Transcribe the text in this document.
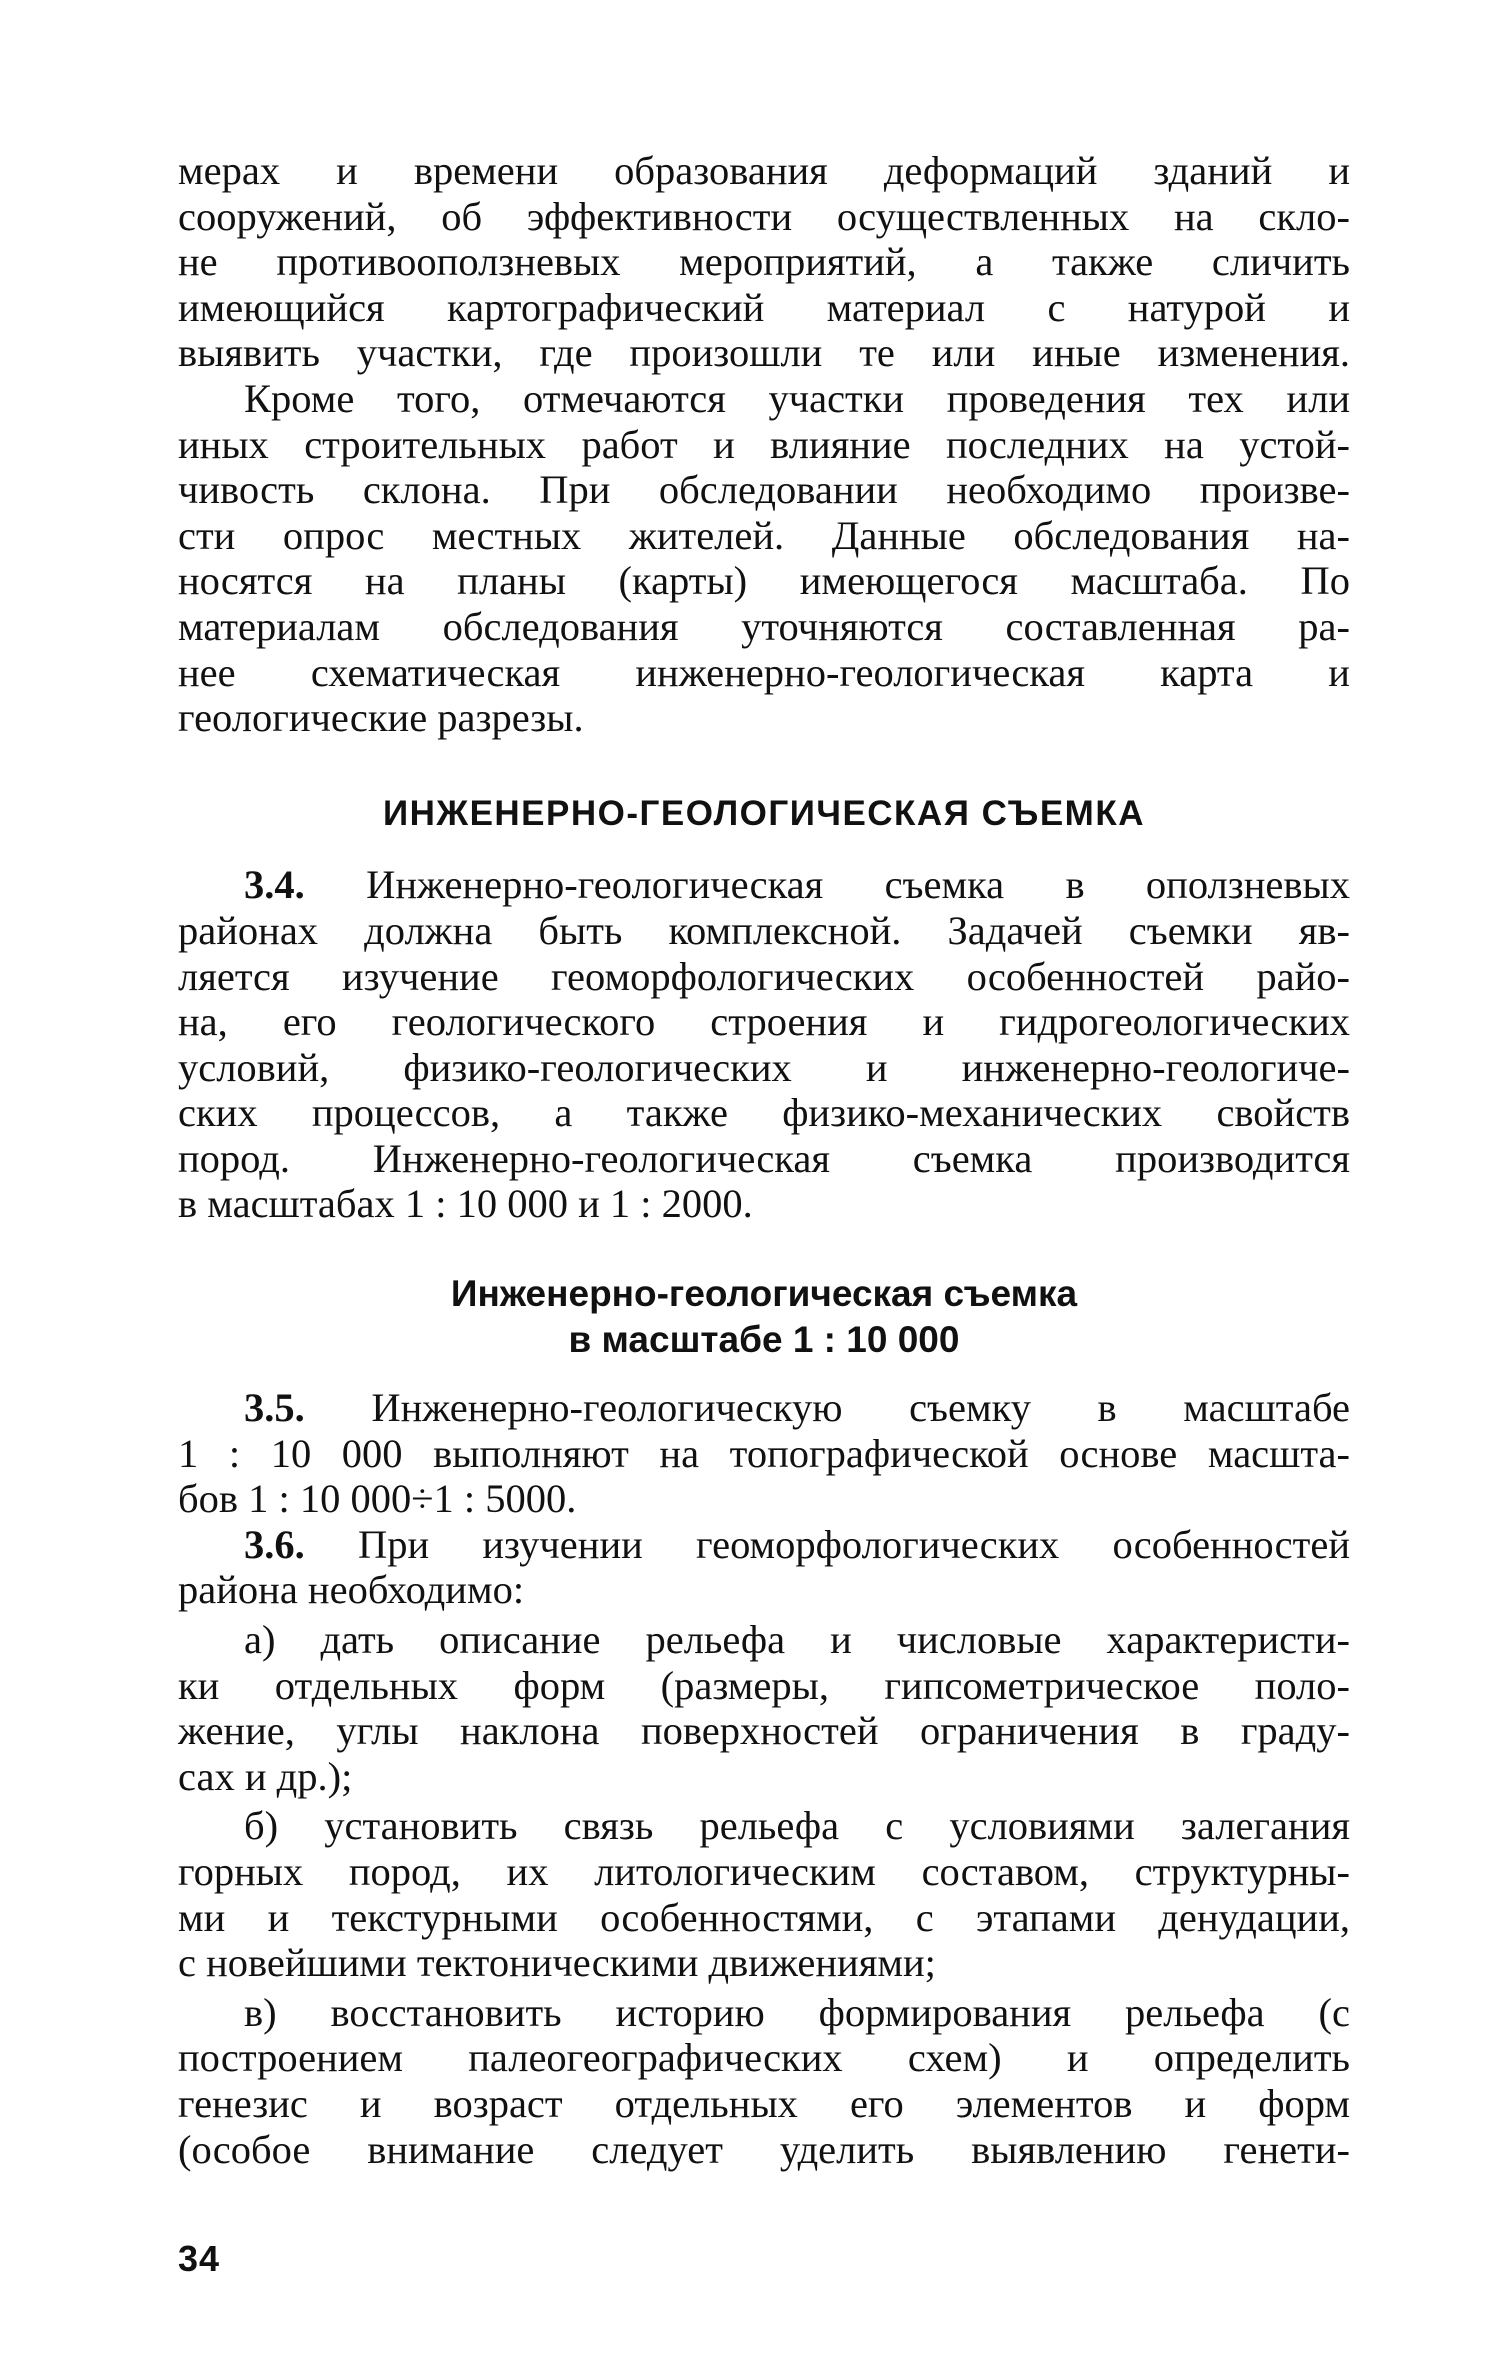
мерах и времени образования деформаций зданий и
сооружений, об эффективности осуществленных на скло-
не противооползневых мероприятий, а также сличить
имеющийся картографический материал с натурой и
выявить участки, где произошли те или иные изменения.

Кроме того, отмечаются участки проведения тех или
иных строительных работ и влияние последних на устой-
чивость склона. При обследовании необходимо произве-
сти опрос местных жителей. Данные обследования на-
носятся на планы (карты) имеющегося масштаба. По
материалам обследования уточняются составленная ра-
нее схематическая инженерно-геологическая карта и
геологические разрезы.

ИНЖЕНЕРНО-ГЕОЛОГИЧЕСКАЯ СЪЕМКА

3.4. Инженерно-геологическая съемка в оползневых
районах должна быть комплексной. Задачей съемки яв-
ляется изучение геоморфологических особенностей райо-
на, его геологического строения и гидрогеологических
условий, физико-геологических и инженерно-геологиче-
ских процессов, а также физико-механических свойств
пород. Инженерно-геологическая съемка производится
в масштабах 1 : 10 000 и 1 : 2000.

Инженерно-геологическая съемка
в масштабе 1 : 10 000

3.5. Инженерно-геологическую съемку в масштабе
1 : 10 000 выполняют на топографической основе масшта-
бов 1 : 10 000÷1 : 5000.

3.6. При изучении геоморфологических особенностей
района необходимо:

а) дать описание рельефа и числовые характеристи-
ки отдельных форм (размеры, гипсометрическое поло-
жение, углы наклона поверхностей ограничения в граду-
сах и др.);

б) установить связь рельефа с условиями залегания
горных пород, их литологическим составом, структурны-
ми и текстурными особенностями, с этапами денудации,
с новейшими тектоническими движениями;

в) восстановить историю формирования рельефа (с
построением палеогеографических схем) и определить
генезис и возраст отдельных его элементов и форм
(особое внимание следует уделить выявлению генети-

34
